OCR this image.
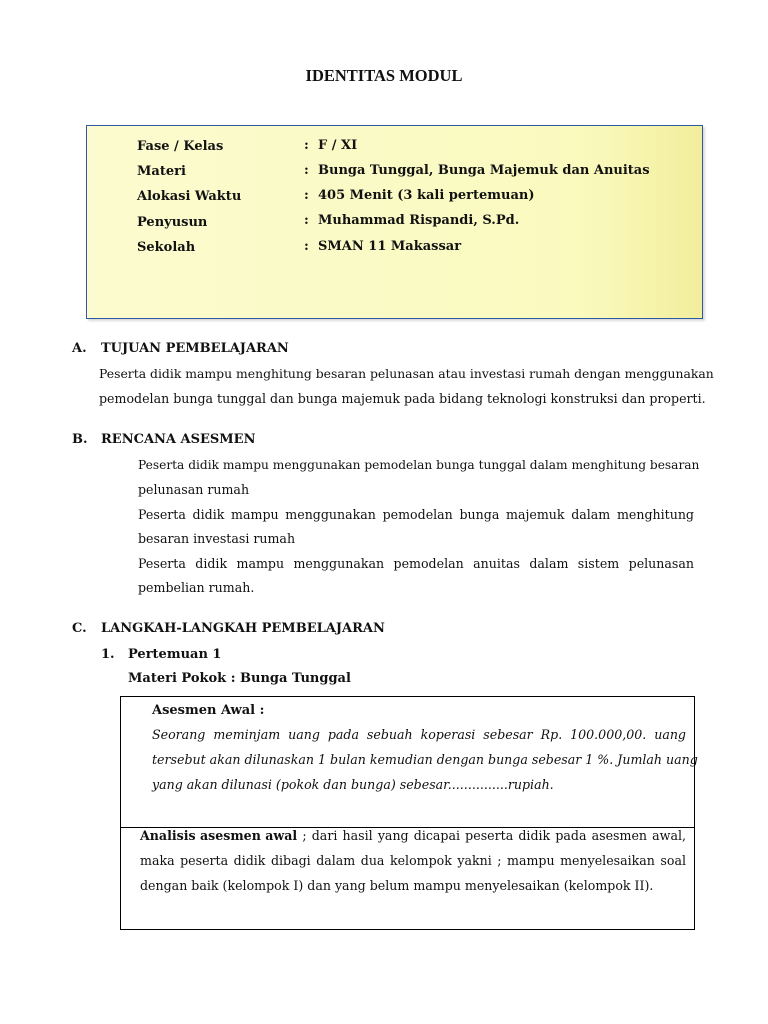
IDENTITAS MODUL
Fase / Kelas	: F / XI
Materi	: Bunga Tunggal, Bunga Majemuk dan Anuitas
Alokasi Waktu	: 405 Menit (3 kali pertemuan)
Penyusun	: Muhammad Rispandi, S.Pd.
Sekolah	: SMAN 11 Makassar
A. TUJUAN PEMBELAJARAN
Peserta didik mampu menghitung besaran pelunasan atau investasi rumah dengan menggunakan
pemodelan bunga tunggal dan bunga majemuk pada bidang teknologi konstruksi dan properti.
B. RENCANA ASESMEN
Peserta didik mampu menggunakan pemodelan bunga tunggal dalam menghitung besaran
pelunasan rumah
Peserta didik mampu menggunakan pemodelan bunga majemuk dalam menghitung
besaran investasi rumah
Peserta didik mampu menggunakan pemodelan anuitas dalam sistem pelunasan
pembelian rumah.
C. LANGKAH-LANGKAH PEMBELAJARAN
1. Pertemuan 1
Materi Pokok : Bunga Tunggal
Asesmen Awal :
Seorang meminjam uang pada sebuah koperasi sebesar Rp. 100.000,00. uang
tersebut akan dilunaskan 1 bulan kemudian dengan bunga sebesar 1 %. Jumlah uang
yang akan dilunasi (pokok dan bunga) sebesar...............rupiah.
Analisis asesmen awal ; dari hasil yang dicapai peserta didik pada asesmen awal,
maka peserta didik dibagi dalam dua kelompok yakni ; mampu menyelesaikan soal
dengan baik (kelompok I) dan yang belum mampu menyelesaikan (kelompok II).
